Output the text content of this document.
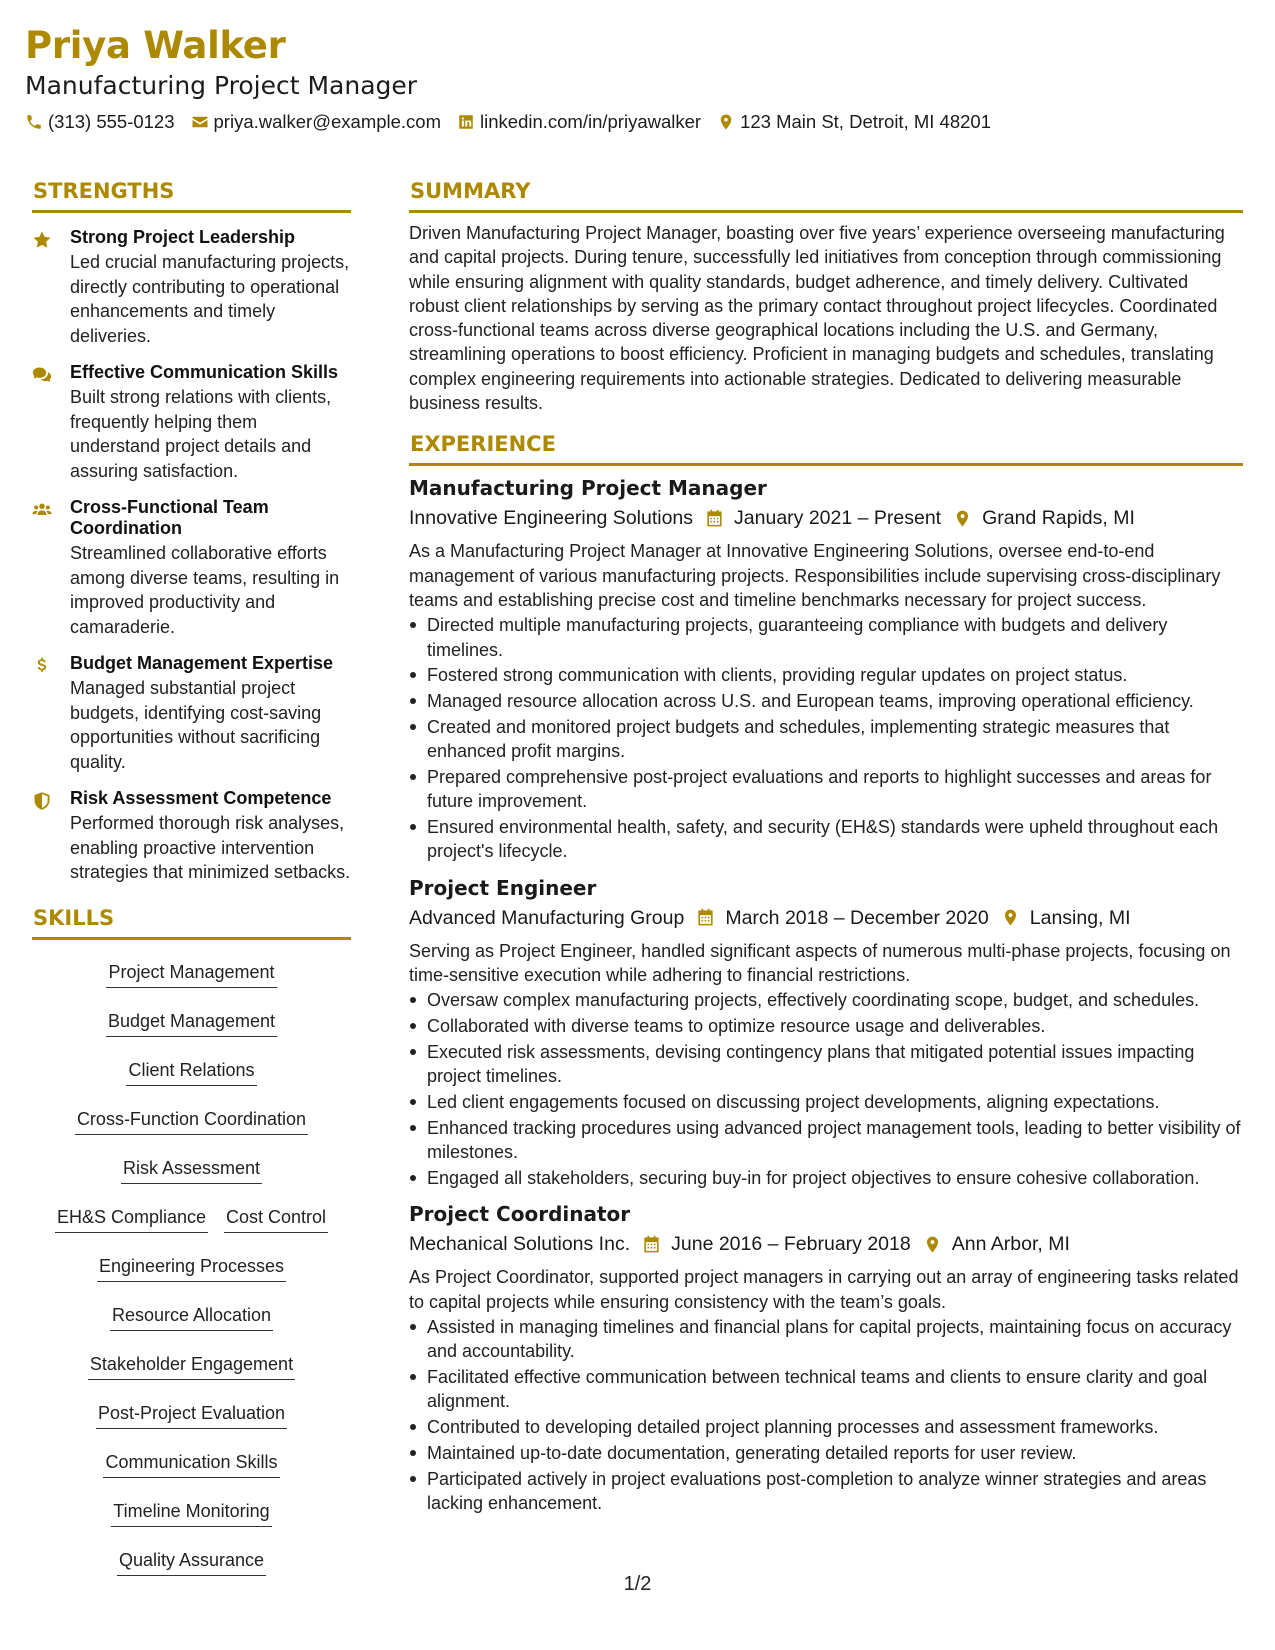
Priya Walker
Manufacturing Project Manager
(313) 555-0123 priya.walker@example.com linkedin.com/in/priyawalker 123 Main St, Detroit, MI 48201
STRENGTHS
Strong Project Leadership
Led crucial manufacturing projects, directly contributing to operational enhancements and timely deliveries.
Effective Communication Skills
Built strong relations with clients, frequently helping them understand project details and assuring satisfaction.
Cross-Functional Team Coordination
Streamlined collaborative efforts among diverse teams, resulting in improved productivity and camaraderie.
Budget Management Expertise
Managed substantial project budgets, identifying cost-saving opportunities without sacrificing quality.
Risk Assessment Competence
Performed thorough risk analyses, enabling proactive intervention strategies that minimized setbacks.
SKILLS
Project Management
Budget Management
Client Relations
Cross-Function Coordination
Risk Assessment
EH&S Compliance Cost Control
Engineering Processes
Resource Allocation
Stakeholder Engagement
Post-Project Evaluation
Communication Skills
Timeline Monitoring
Quality Assurance
SUMMARY

Driven Manufacturing Project Manager, boasting over five years’ experience overseeing manufacturing and capital projects. During tenure, successfully led initiatives from conception through commissioning while ensuring alignment with quality standards, budget adherence, and timely delivery. Cultivated robust client relationships by serving as the primary contact throughout project lifecycles. Coordinated cross-functional teams across diverse geographical locations including the U.S. and Germany, streamlining operations to boost efficiency. Proficient in managing budgets and schedules, translating complex engineering requirements into actionable strategies. Dedicated to delivering measurable business results.

EXPERIENCE
Manufacturing Project Manager
Innovative Engineering Solutions January 2021 – Present Grand Rapids, MI
As a Manufacturing Project Manager at Innovative Engineering Solutions, oversee end-to-end management of various manufacturing projects. Responsibilities include supervising cross-disciplinary teams and establishing precise cost and timeline benchmarks necessary for project success.
Directed multiple manufacturing projects, guaranteeing compliance with budgets and delivery timelines.
Fostered strong communication with clients, providing regular updates on project status.
Managed resource allocation across U.S. and European teams, improving operational efficiency.
Created and monitored project budgets and schedules, implementing strategic measures that enhanced profit margins.
Prepared comprehensive post-project evaluations and reports to highlight successes and areas for future improvement.
Ensured environmental health, safety, and security (EH&S) standards were upheld throughout each project's lifecycle.
Project Engineer
Advanced Manufacturing Group March 2018 – December 2020 Lansing, MI
Serving as Project Engineer, handled significant aspects of numerous multi-phase projects, focusing on time-sensitive execution while adhering to financial restrictions.
Oversaw complex manufacturing projects, effectively coordinating scope, budget, and schedules.
Collaborated with diverse teams to optimize resource usage and deliverables.
Executed risk assessments, devising contingency plans that mitigated potential issues impacting project timelines.
Led client engagements focused on discussing project developments, aligning expectations.
Enhanced tracking procedures using advanced project management tools, leading to better visibility of milestones.
Engaged all stakeholders, securing buy-in for project objectives to ensure cohesive collaboration.
Project Coordinator
Mechanical Solutions Inc. June 2016 – February 2018 Ann Arbor, MI
As Project Coordinator, supported project managers in carrying out an array of engineering tasks related to capital projects while ensuring consistency with the team’s goals.
Assisted in managing timelines and financial plans for capital projects, maintaining focus on accuracy and accountability.
Facilitated effective communication between technical teams and clients to ensure clarity and goal alignment.
Contributed to developing detailed project planning processes and assessment frameworks.
Maintained up-to-date documentation, generating detailed reports for user review.
Participated actively in project evaluations post-completion to analyze winner strategies and areas lacking enhancement.
1/2
